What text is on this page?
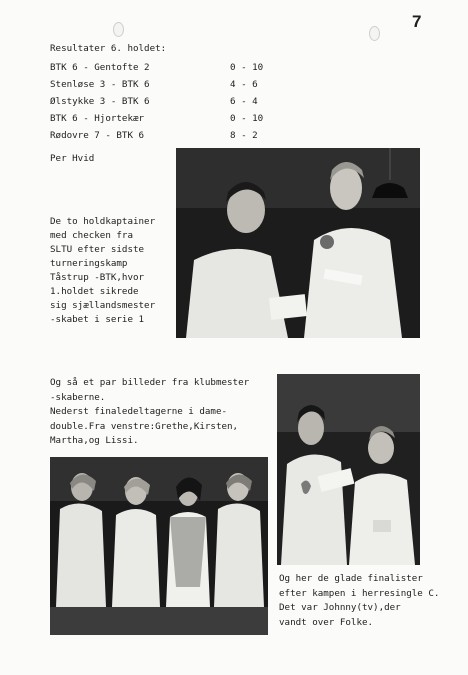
7
Resultater 6. holdet:
BTK 6 - Gentofte 2	0 - 10
Stenløse 3 - BTK 6	4 - 6
Ølstykke 3 - BTK 6	6 - 4
BTK 6 - Hjortekær	0 - 10
Rødovre 7 - BTK 6	8 - 2
Per Hvid

De to holdkaptainer
med checken fra
SLTU efter sidste
turneringskamp
Tåstrup -BTK,hvor
1.holdet sikrede
sig sjællandsmester
-skabet i serie 1

Og så et par billeder fra klubmester
-skaberne.
Nederst finaledeltagerne i dame-
double.Fra venstre:Grethe,Kirsten,
Martha,og Lissi.

Og her de glade finalister
efter kampen i herresingle C.
Det var Johnny(tv),der
vandt over Folke.
